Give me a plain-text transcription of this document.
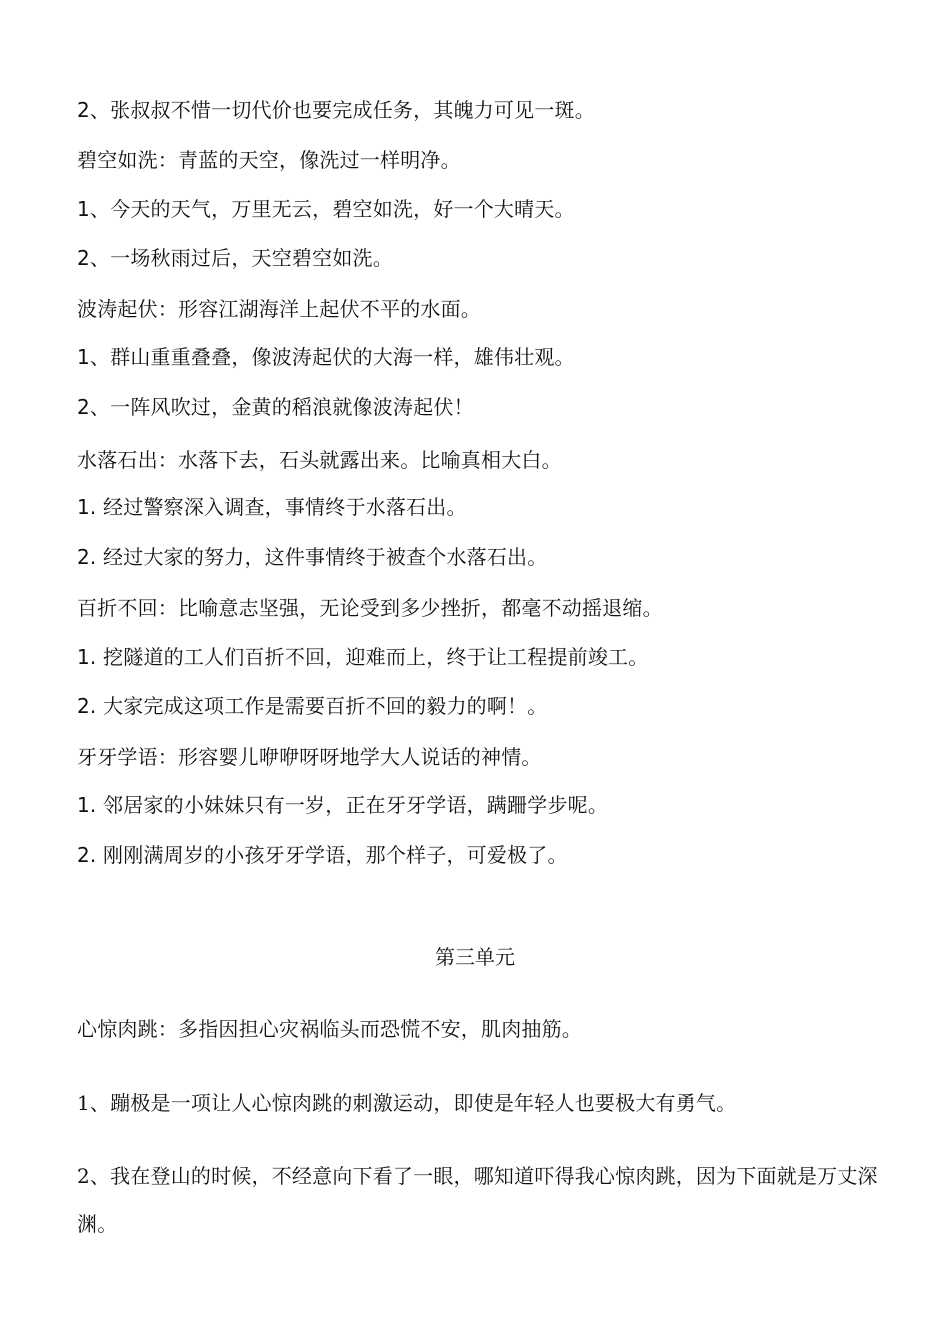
2、张叔叔不惜一切代价也要完成任务，其魄力可见一斑。
碧空如洗：青蓝的天空，像洗过一样明净。
1、今天的天气，万里无云，碧空如洗，好一个大晴天。
2、一场秋雨过后，天空碧空如洗。
波涛起伏：形容江湖海洋上起伏不平的水面。
1、群山重重叠叠，像波涛起伏的大海一样，雄伟壮观。
2、一阵风吹过，金黄的稻浪就像波涛起伏！
水落石出：水落下去，石头就露出来。比喻真相大白。
1. 经过警察深入调查，事情终于水落石出。
2. 经过大家的努力，这件事情终于被查个水落石出。
百折不回：比喻意志坚强，无论受到多少挫折，都毫不动摇退缩。
1. 挖隧道的工人们百折不回，迎难而上，终于让工程提前竣工。
2. 大家完成这项工作是需要百折不回的毅力的啊！。
牙牙学语：形容婴儿咿咿呀呀地学大人说话的神情。
1. 邻居家的小妹妹只有一岁，正在牙牙学语，蹒跚学步呢。
2. 刚刚满周岁的小孩牙牙学语，那个样子，可爱极了。
第三单元
心惊肉跳：多指因担心灾祸临头而恐慌不安，肌肉抽筋。
1、蹦极是一项让人心惊肉跳的刺激运动，即使是年轻人也要极大有勇气。
2、我在登山的时候，不经意向下看了一眼，哪知道吓得我心惊肉跳，因为下面就是万丈深渊。
